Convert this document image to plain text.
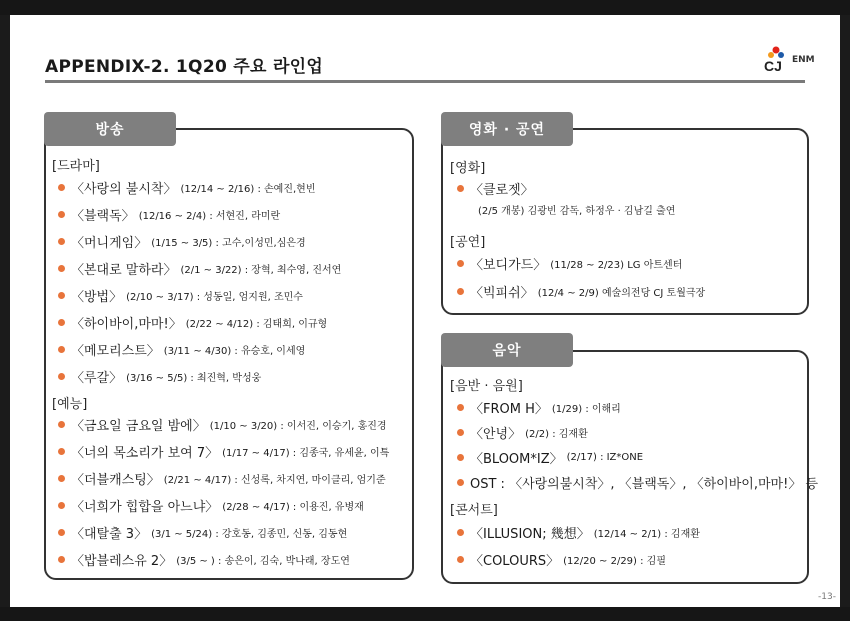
APPENDIX-2. 1Q20 주요 라인업	CJ ENM
방송
[드라마]
〈사랑의 불시착〉 (12/14 ~ 2/16) : 손예진,현빈
〈블랙독〉 (12/16 ~ 2/4) : 서현진, 라미란
〈머니게임〉 (1/15 ~ 3/5) : 고수,이성민,심은경
〈본대로 말하라〉 (2/1 ~ 3/22) : 장혁, 최수영, 진서연
〈방법〉 (2/10 ~ 3/17) : 성동일, 엄지원, 조민수
〈하이바이,마마!〉 (2/22 ~ 4/12) : 김태희, 이규형
〈메모리스트〉 (3/11 ~ 4/30) : 유승호, 이세영
〈루갈〉 (3/16 ~ 5/5) : 최진혁, 박성웅
[예능]
〈금요일 금요일 밤에〉 (1/10 ~ 3/20) : 이서진, 이승기, 홍진경
〈너의 목소리가 보여 7〉 (1/17 ~ 4/17) : 김종국, 유세윤, 이특
〈더블캐스팅〉 (2/21 ~ 4/17) : 신성록, 차지연, 마이클리, 엄기준
〈너희가 힙합을 아느냐〉 (2/28 ~ 4/17) : 이용진, 유병재
〈대탈출 3〉 (3/1 ~ 5/24) : 강호동, 김종민, 신동, 김동현
〈밥블레스유 2〉 (3/5 ~ ) : 송은이, 김숙, 박나래, 장도연
영화 · 공연
[영화]
〈클로젯〉
(2/5 개봉) 김광빈 감독, 하정우 · 김남길 출연
[공연]
〈보디가드〉 (11/28 ~ 2/23) LG 아트센터
〈빅피쉬〉 (12/4 ~ 2/9) 예술의전당 CJ 토월극장
음악
[음반 · 음원]
〈FROM H〉 (1/29) : 이해리
〈안녕〉 (2/2) : 김재환
〈BLOOM*IZ〉 (2/17) : IZ*ONE
OST : 〈사랑의불시착〉, 〈블랙독〉, 〈하이바이,마마!〉 등
[콘서트]
〈ILLUSION; 幾想〉 (12/14 ~ 2/1) : 김재환
〈COLOURS〉 (12/20 ~ 2/29) : 김필
-13-
